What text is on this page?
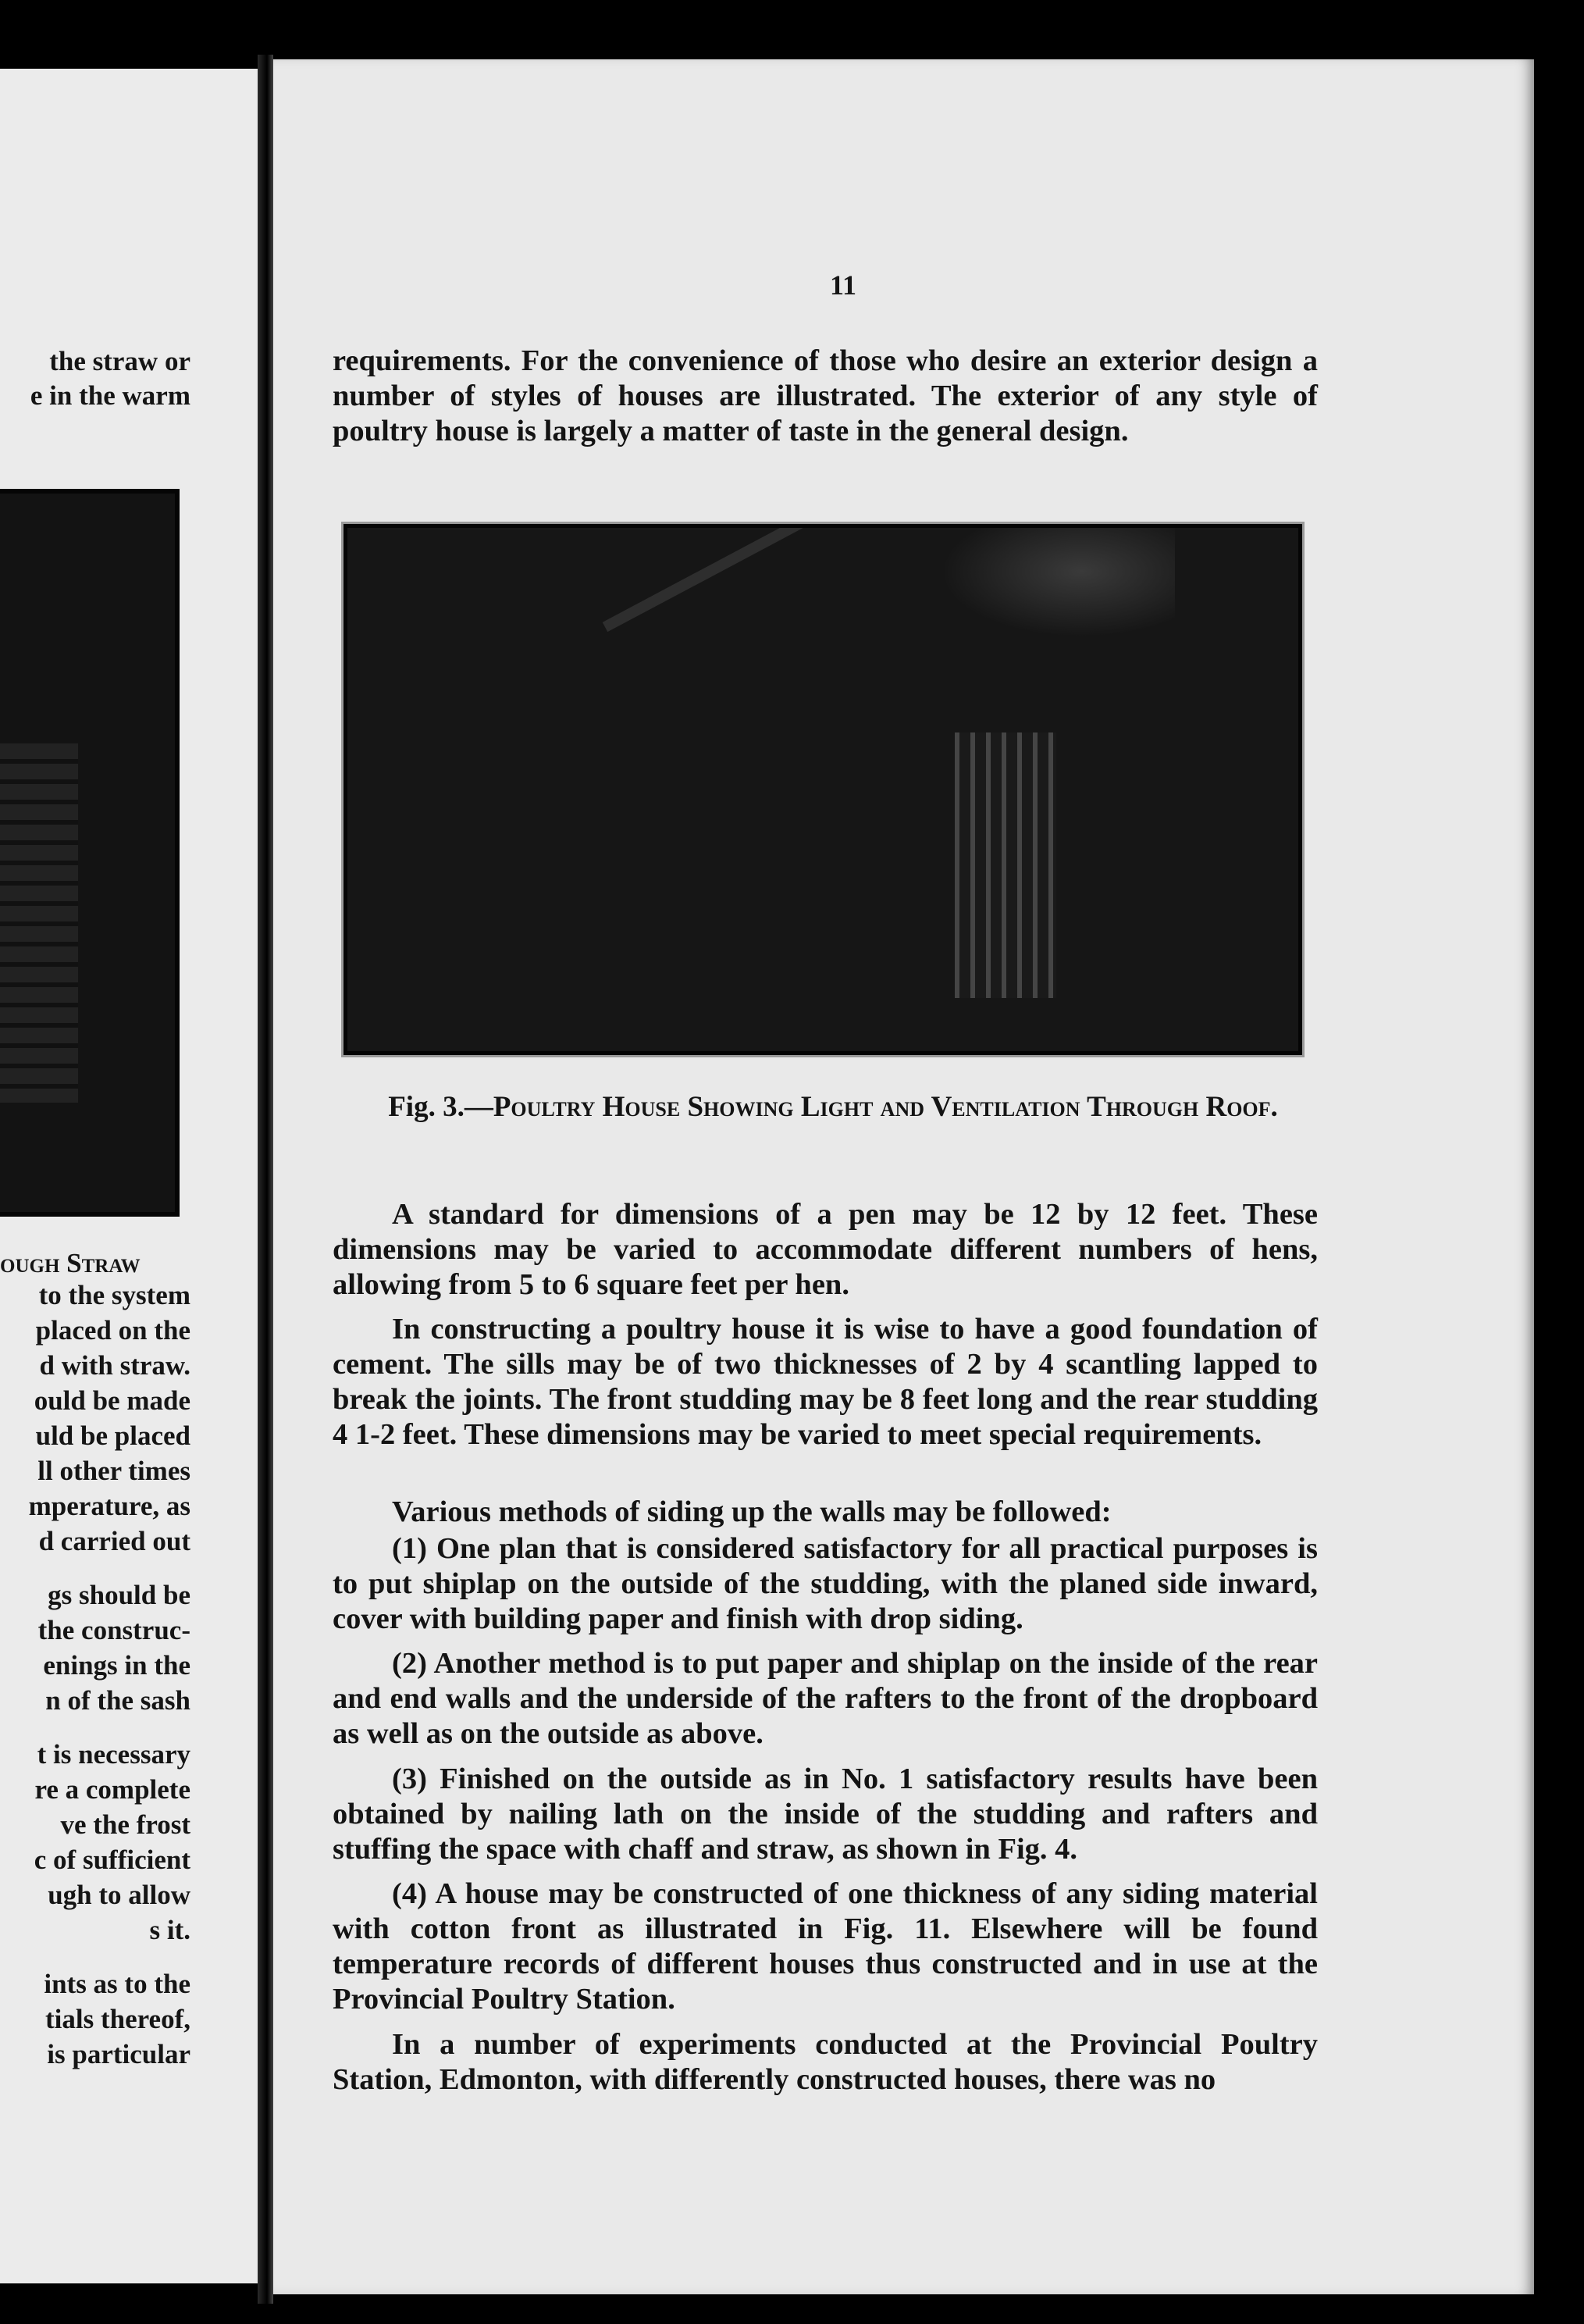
the straw or
e in the warm
ough Straw
to the system
placed on the
d with straw.
ould be made
uld be placed
ll other times
mperature, as
d carried out
gs should be
the construc-
enings in the
n of the sash
t is necessary
re a complete
ve the frost
c of sufficient
ugh to allow
s it.
ints as to the
tials thereof,
is particular
11
requirements. For the convenience of those who desire an exterior design a number of styles of houses are illustrated. The exterior of any style of poultry house is largely a matter of taste in the general design.
Fig. 3.—Poultry House Showing Light and Ventilation Through Roof.
A standard for dimensions of a pen may be 12 by 12 feet. These dimensions may be varied to accommodate different numbers of hens, allowing from 5 to 6 square feet per hen.
In constructing a poultry house it is wise to have a good foundation of cement. The sills may be of two thicknesses of 2 by 4 scantling lapped to break the joints. The front studding may be 8 feet long and the rear studding 4 1-2 feet. These dimensions may be varied to meet special requirements.
Various methods of siding up the walls may be followed:
(1) One plan that is considered satisfactory for all practical purposes is to put shiplap on the outside of the studding, with the planed side inward, cover with building paper and finish with drop siding.
(2) Another method is to put paper and shiplap on the inside of the rear and end walls and the underside of the rafters to the front of the dropboard as well as on the outside as above.
(3) Finished on the outside as in No. 1 satisfactory results have been obtained by nailing lath on the inside of the studding and rafters and stuffing the space with chaff and straw, as shown in Fig. 4.
(4) A house may be constructed of one thickness of any siding material with cotton front as illustrated in Fig. 11. Elsewhere will be found temperature records of different houses thus constructed and in use at the Provincial Poultry Station.
In a number of experiments conducted at the Provincial Poultry Station, Edmonton, with differently constructed houses, there was no
